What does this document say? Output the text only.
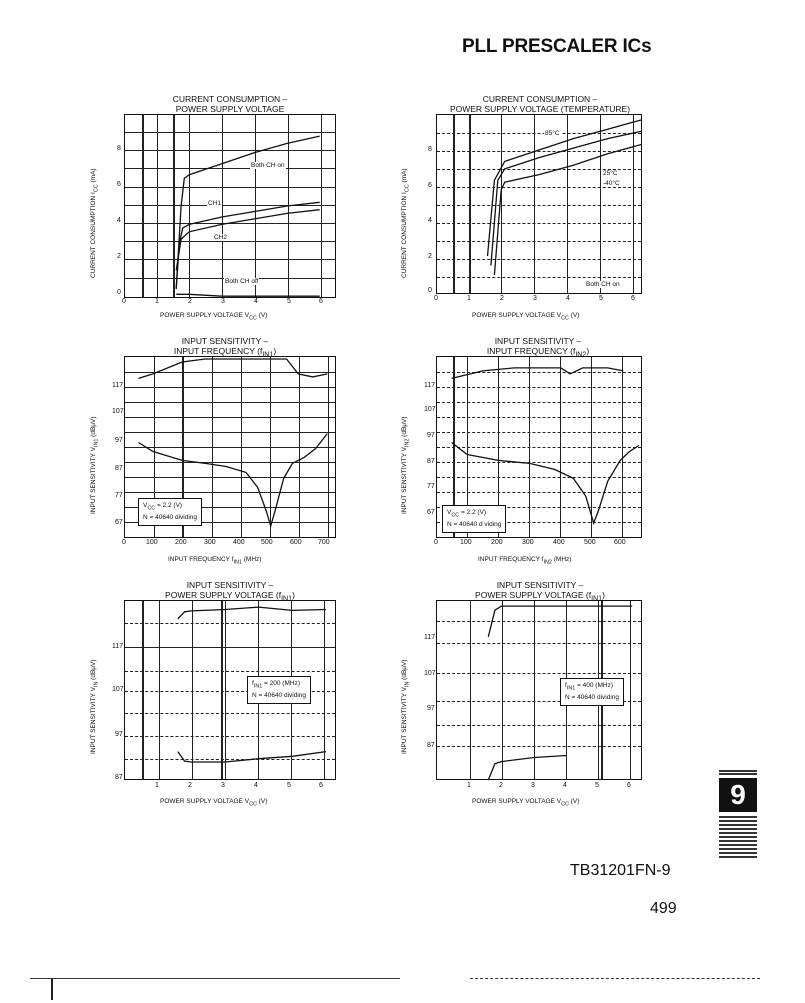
PLL PRESCALER ICs
CURRENT CONSUMPTION –
POWER SUPPLY VOLTAGE
8
4
2
0
6
0	1	2	3	4	5	6
CURRENT CONSUMPTION $I_{CC}$ (mA)
POWER SUPPLY VOLTAGE $V_{CC}$ (V)
Both CH on
CH1
CH2
Both CH off
CURRENT CONSUMPTION –
POWER SUPPLY VOLTAGE (TEMPERATURE)
8
6
4
2
0
0	1	2	3	4	5	6
CURRENT CONSUMPTION $I_{CC}$ (mA)
POWER SUPPLY VOLTAGE $V_{CC}$ (V)
85°C
25°C
-40°C
Both CH on
INPUT SENSITIVITY –
INPUT FREQUENCY $(f_{IN1})$
117
107
97
87
77
67
0	100 200 300 400 500 600 700
INPUT SENSITIVITY $V_{IN1}$ (dBμV)
INPUT FREQUENCY $f_{IN1}$ (MHz)
$V_{CC} = 2.2$ (V)
N = 40640 dividing
INPUT SENSITIVITY –
INPUT FREQUENCY $(f_{IN2})$
117
107
97
87
77
67
0	100	200	300	400	500	600
INPUT SENSITIVITY $V_{IN2}$ (dBμV)
INPUT FREQUENCY $f_{IN2}$ (MHz)
$V_{CC} = 2.2$ (V)
N = 40640 d viding
INPUT SENSITIVITY –
POWER SUPPLY VOLTAGE $(f_{IN1})$
117
107
97
87
1	2	3	4	5	6
INPUT SENSITIVITY $V_{IN}$ (dBμV)
POWER SUPPLY VOLTAGE $V_{CC}$ (V)
$f_{IN1} = 200$ (MHz)
N = 40640 dividing
INPUT SENSITIVITY –
POWER SUPPLY VOLTAGE $(f_{IN1})$
117
107
97
87
1	2	3	4	5	6
INPUT SENSITIVITY $V_{IN}$ (dBμV)
POWER SUPPLY VOLTAGE $V_{CC}$ (V)
$f_{IN1} = 400$ (MHz)
N = 40640 dividing
9
TB31201FN-9
499
